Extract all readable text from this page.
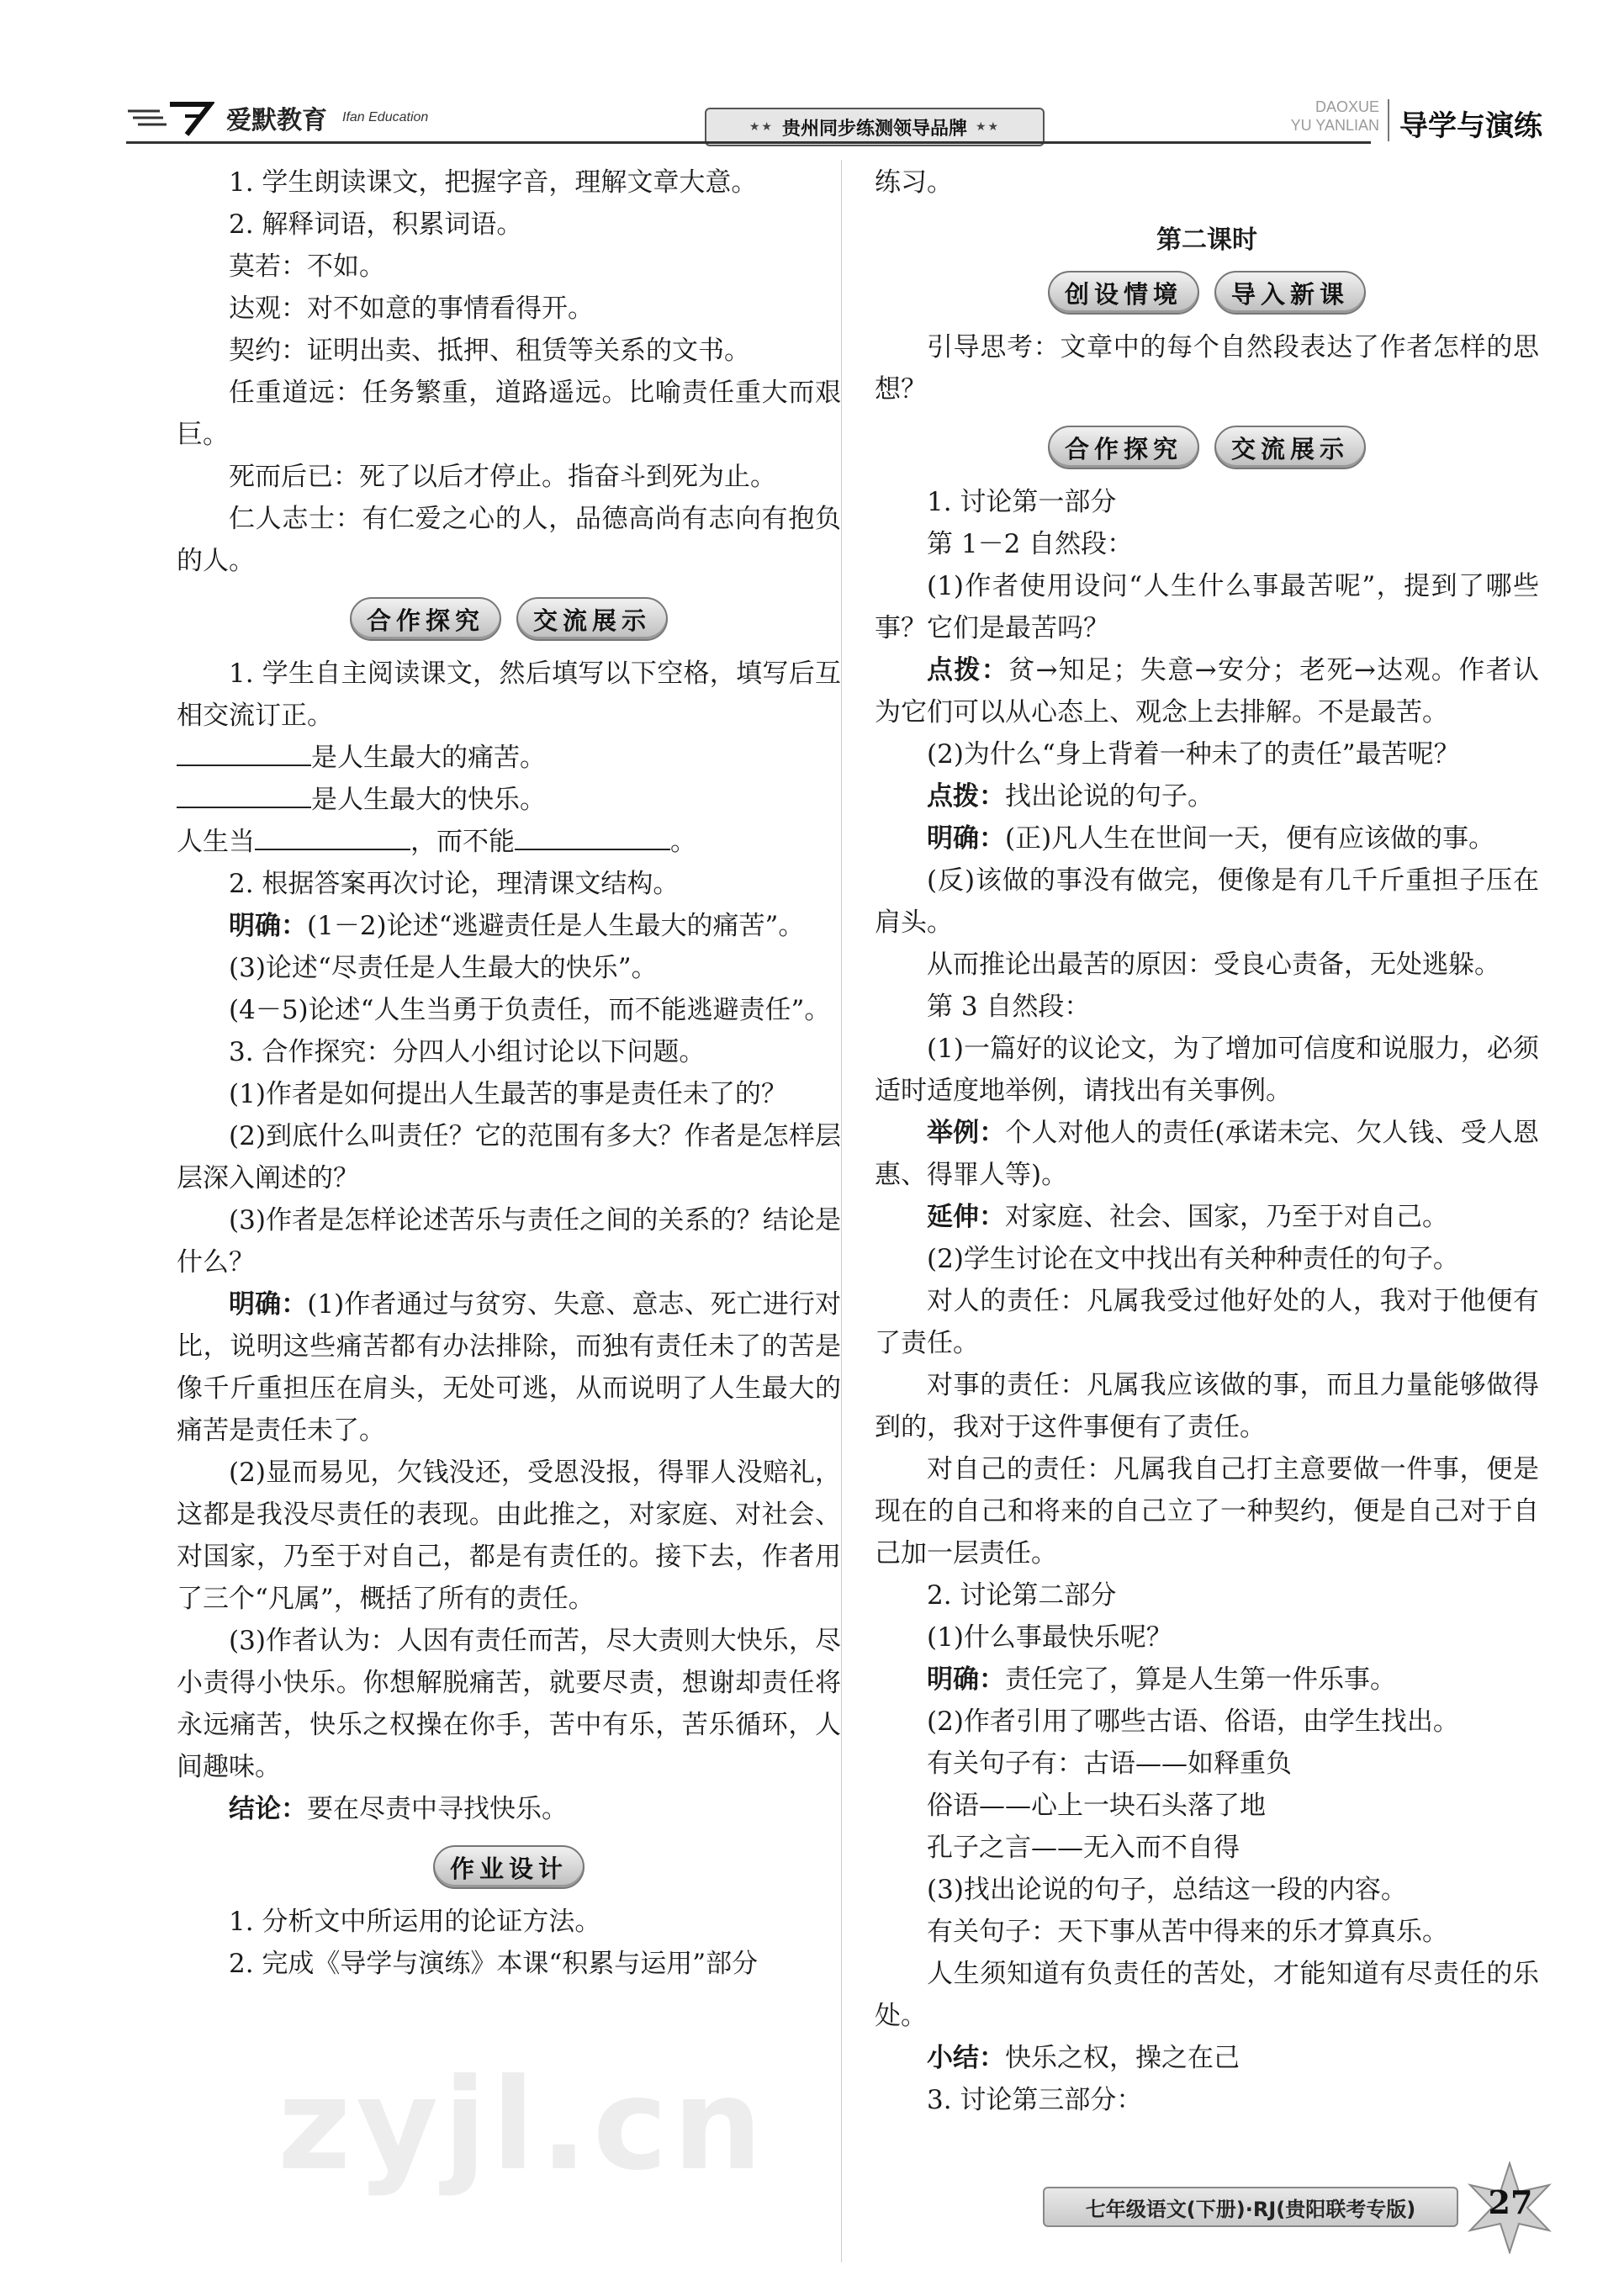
爱默教育 Ifan Education
★★ 贵州同步练测领导品牌 ★★
DAOXUE
YU YANLIAN 导学与演练

1. 学生朗读课文，把握字音，理解文章大意。

2. 解释词语，积累词语。

莫若：不如。

达观：对不如意的事情看得开。

契约：证明出卖、抵押、租赁等关系的文书。

任重道远：任务繁重，道路遥远。比喻责任重大而艰巨。

死而后已：死了以后才停止。指奋斗到死为止。

仁人志士：有仁爱之心的人，品德高尚有志向有抱负的人。

合作探究	交流展示

1. 学生自主阅读课文，然后填写以下空格，填写后互相交流订正。

是人生最大的痛苦。

是人生最大的快乐。

人生当	，而不能	。

2. 根据答案再次讨论，理清课文结构。

明确：(1－2)论述“逃避责任是人生最大的痛苦”。

(3)论述“尽责任是人生最大的快乐”。

(4－5)论述“人生当勇于负责任，而不能逃避责任”。

3. 合作探究：分四人小组讨论以下问题。

(1)作者是如何提出人生最苦的事是责任未了的？

(2)到底什么叫责任？它的范围有多大？作者是怎样层层深入阐述的？

(3)作者是怎样论述苦乐与责任之间的关系的？结论是什么？

明确：(1)作者通过与贫穷、失意、意志、死亡进行对比，说明这些痛苦都有办法排除，而独有责任未了的苦是像千斤重担压在肩头，无处可逃，从而说明了人生最大的痛苦是责任未了。

(2)显而易见，欠钱没还，受恩没报，得罪人没赔礼，这都是我没尽责任的表现。由此推之，对家庭、对社会、对国家，乃至于对自己，都是有责任的。接下去，作者用了三个“凡属”，概括了所有的责任。

(3)作者认为：人因有责任而苦，尽大责则大快乐，尽小责得小快乐。你想解脱痛苦，就要尽责，想谢却责任将永远痛苦，快乐之权操在你手，苦中有乐，苦乐循环，人间趣味。

结论：要在尽责中寻找快乐。

作业设计

1. 分析文中所运用的论证方法。

2. 完成《导学与演练》本课“积累与运用”部分

练习。

第二课时
创设情境	导入新课

引导思考：文章中的每个自然段表达了作者怎样的思想？

合作探究	交流展示

1. 讨论第一部分

第 1－2 自然段：

(1)作者使用设问“人生什么事最苦呢”，提到了哪些事？它们是最苦吗？

点拨：贫→知足；失意→安分；老死→达观。作者认为它们可以从心态上、观念上去排解。不是最苦。

(2)为什么“身上背着一种未了的责任”最苦呢？

点拨：找出论说的句子。

明确：(正)凡人生在世间一天，便有应该做的事。

(反)该做的事没有做完，便像是有几千斤重担子压在肩头。

从而推论出最苦的原因：受良心责备，无处逃躲。

第 3 自然段：

(1)一篇好的议论文，为了增加可信度和说服力，必须适时适度地举例，请找出有关事例。

举例：个人对他人的责任(承诺未完、欠人钱、受人恩惠、得罪人等)。

延伸：对家庭、社会、国家，乃至于对自己。

(2)学生讨论在文中找出有关种种责任的句子。

对人的责任：凡属我受过他好处的人，我对于他便有了责任。

对事的责任：凡属我应该做的事，而且力量能够做得到的，我对于这件事便有了责任。

对自己的责任：凡属我自己打主意要做一件事，便是现在的自己和将来的自己立了一种契约，便是自己对于自己加一层责任。

2. 讨论第二部分

(1)什么事最快乐呢？

明确：责任完了，算是人生第一件乐事。

(2)作者引用了哪些古语、俗语，由学生找出。

有关句子有：古语——如释重负

俗语——心上一块石头落了地

孔子之言——无入而不自得

(3)找出论说的句子，总结这一段的内容。

有关句子：天下事从苦中得来的乐才算真乐。

人生须知道有负责任的苦处，才能知道有尽责任的乐处。

小结：快乐之权，操之在己

3. 讨论第三部分：

zyjl.cn
七年级语文(下册)·RJ(贵阳联考专版)	27
